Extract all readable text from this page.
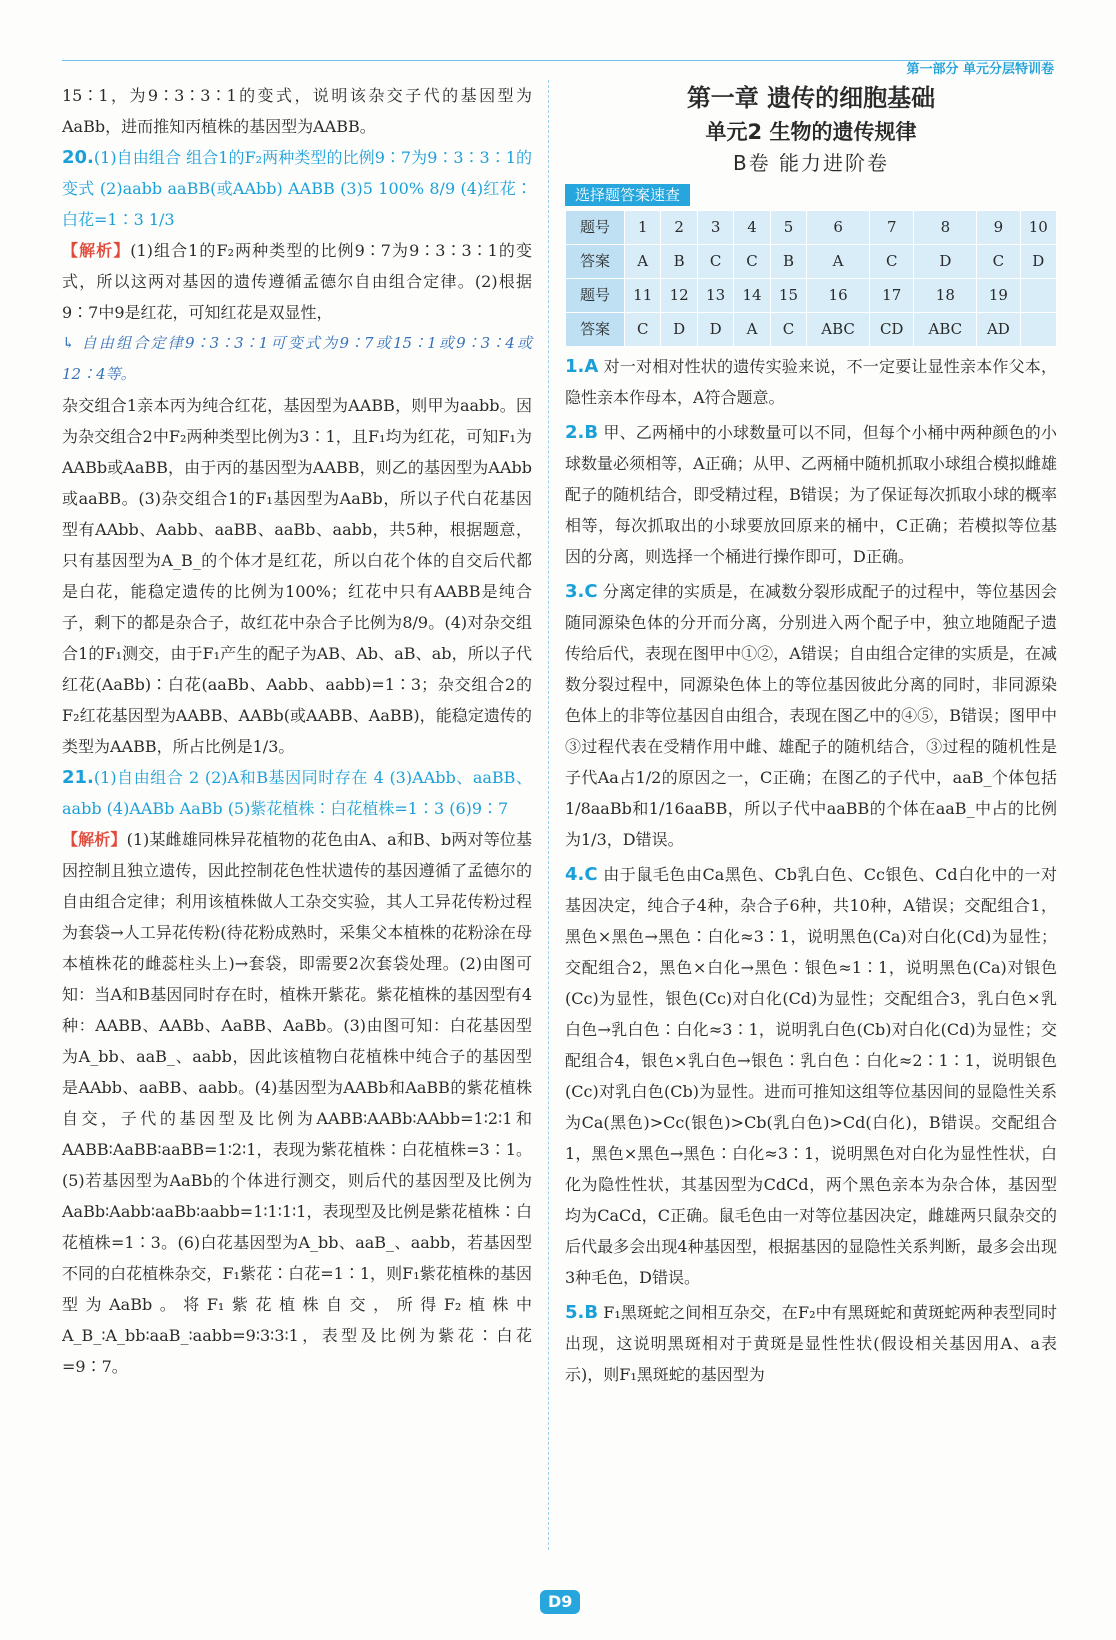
第一部分 单元分层特训卷

15∶1，为9∶3∶3∶1的变式，说明该杂交子代的基因型为AaBb，进而推知丙植株的基因型为AABB。

20.(1)自由组合 组合1的F₂两种类型的比例9∶7为9∶3∶3∶1的变式 (2)aabb aaBB(或AAbb) AABB (3)5 100% 8/9 (4)红花∶白花=1∶3 1/3

【解析】(1)组合1的F₂两种类型的比例9∶7为9∶3∶3∶1的变式，所以这两对基因的遗传遵循孟德尔自由组合定律。(2)根据9∶7中9是红花，可知红花是双显性，

↳ 自由组合定律9∶3∶3∶1可变式为9∶7或15∶1或9∶3∶4或12∶4等。

杂交组合1亲本丙为纯合红花，基因型为AABB，则甲为aabb。因为杂交组合2中F₂两种类型比例为3∶1，且F₁均为红花，可知F₁为AABb或AaBB，由于丙的基因型为AABB，则乙的基因型为AAbb或aaBB。(3)杂交组合1的F₁基因型为AaBb，所以子代白花基因型有AAbb、Aabb、aaBB、aaBb、aabb，共5种，根据题意，只有基因型为A_B_的个体才是红花，所以白花个体的自交后代都是白花，能稳定遗传的比例为100%；红花中只有AABB是纯合子，剩下的都是杂合子，故红花中杂合子比例为8/9。(4)对杂交组合1的F₁测交，由于F₁产生的配子为AB、Ab、aB、ab，所以子代红花(AaBb)∶白花(aaBb、Aabb、aabb)=1∶3；杂交组合2的F₂红花基因型为AABB、AABb(或AABB、AaBB)，能稳定遗传的类型为AABB，所占比例是1/3。

21.(1)自由组合 2 (2)A和B基因同时存在 4 (3)AAbb、aaBB、aabb (4)AABb AaBb (5)紫花植株∶白花植株=1∶3 (6)9∶7

【解析】(1)某雌雄同株异花植物的花色由A、a和B、b两对等位基因控制且独立遗传，因此控制花色性状遗传的基因遵循了孟德尔的自由组合定律；利用该植株做人工杂交实验，其人工异花传粉过程为套袋→人工异花传粉(待花粉成熟时，采集父本植株的花粉涂在母本植株花的雌蕊柱头上)→套袋，即需要2次套袋处理。(2)由图可知：当A和B基因同时存在时，植株开紫花。紫花植株的基因型有4种：AABB、AABb、AaBB、AaBb。(3)由图可知：白花基因型为A_bb、aaB_、aabb，因此该植物白花植株中纯合子的基因型是AAbb、aaBB、aabb。(4)基因型为AABb和AaBB的紫花植株自交，子代的基因型及比例为AABB∶AABb∶AAbb=1∶2∶1和AABB∶AaBB∶aaBB=1∶2∶1，表现为紫花植株∶白花植株=3∶1。(5)若基因型为AaBb的个体进行测交，则后代的基因型及比例为AaBb∶Aabb∶aaBb∶aabb=1∶1∶1∶1，表现型及比例是紫花植株∶白花植株=1∶3。(6)白花基因型为A_bb、aaB_、aabb，若基因型不同的白花植株杂交，F₁紫花∶白花=1∶1，则F₁紫花植株的基因型为AaBb。将F₁紫花植株自交，所得F₂植株中A_B_∶A_bb∶aaB_∶aabb=9∶3∶3∶1，表型及比例为紫花∶白花=9∶7。

第一章 遗传的细胞基础
单元2 生物的遗传规律
B卷 能力进阶卷
选择题答案速查
题号	1	2	3	4	5	6	7	8	9	10
答案	A	B	C	C	B	A	C	D	C	D
题号	11	12	13	14	15	16	17	18	19	
答案	C	D	D	A	C	ABC	CD	ABC	AD	

1.A 对一对相对性状的遗传实验来说，不一定要让显性亲本作父本，隐性亲本作母本，A符合题意。

2.B 甲、乙两桶中的小球数量可以不同，但每个小桶中两种颜色的小球数量必须相等，A正确；从甲、乙两桶中随机抓取小球组合模拟雌雄配子的随机结合，即受精过程，B错误；为了保证每次抓取小球的概率相等，每次抓取出的小球要放回原来的桶中，C正确；若模拟等位基因的分离，则选择一个桶进行操作即可，D正确。

3.C 分离定律的实质是，在减数分裂形成配子的过程中，等位基因会随同源染色体的分开而分离，分别进入两个配子中，独立地随配子遗传给后代，表现在图甲中①②，A错误；自由组合定律的实质是，在减数分裂过程中，同源染色体上的等位基因彼此分离的同时，非同源染色体上的非等位基因自由组合，表现在图乙中的④⑤，B错误；图甲中③过程代表在受精作用中雌、雄配子的随机结合，③过程的随机性是子代Aa占1/2的原因之一，C正确；在图乙的子代中，aaB_个体包括1/8aaBb和1/16aaBB，所以子代中aaBB的个体在aaB_中占的比例为1/3，D错误。

4.C 由于鼠毛色由Ca黑色、Cb乳白色、Cc银色、Cd白化中的一对基因决定，纯合子4种，杂合子6种，共10种，A错误；交配组合1，黑色×黑色→黑色∶白化≈3∶1，说明黑色(Ca)对白化(Cd)为显性；交配组合2，黑色×白化→黑色∶银色≈1∶1，说明黑色(Ca)对银色(Cc)为显性，银色(Cc)对白化(Cd)为显性；交配组合3，乳白色×乳白色→乳白色∶白化≈3∶1，说明乳白色(Cb)对白化(Cd)为显性；交配组合4，银色×乳白色→银色∶乳白色∶白化≈2∶1∶1，说明银色(Cc)对乳白色(Cb)为显性。进而可推知这组等位基因间的显隐性关系为Ca(黑色)>Cc(银色)>Cb(乳白色)>Cd(白化)，B错误。交配组合1，黑色×黑色→黑色∶白化≈3∶1，说明黑色对白化为显性性状，白化为隐性性状，其基因型为CdCd，两个黑色亲本为杂合体，基因型均为CaCd，C正确。鼠毛色由一对等位基因决定，雌雄两只鼠杂交的后代最多会出现4种基因型，根据基因的显隐性关系判断，最多会出现3种毛色，D错误。

5.B F₁黑斑蛇之间相互杂交，在F₂中有黑斑蛇和黄斑蛇两种表型同时出现，这说明黑斑相对于黄斑是显性性状(假设相关基因用A、a表示)，则F₁黑斑蛇的基因型为

D9
